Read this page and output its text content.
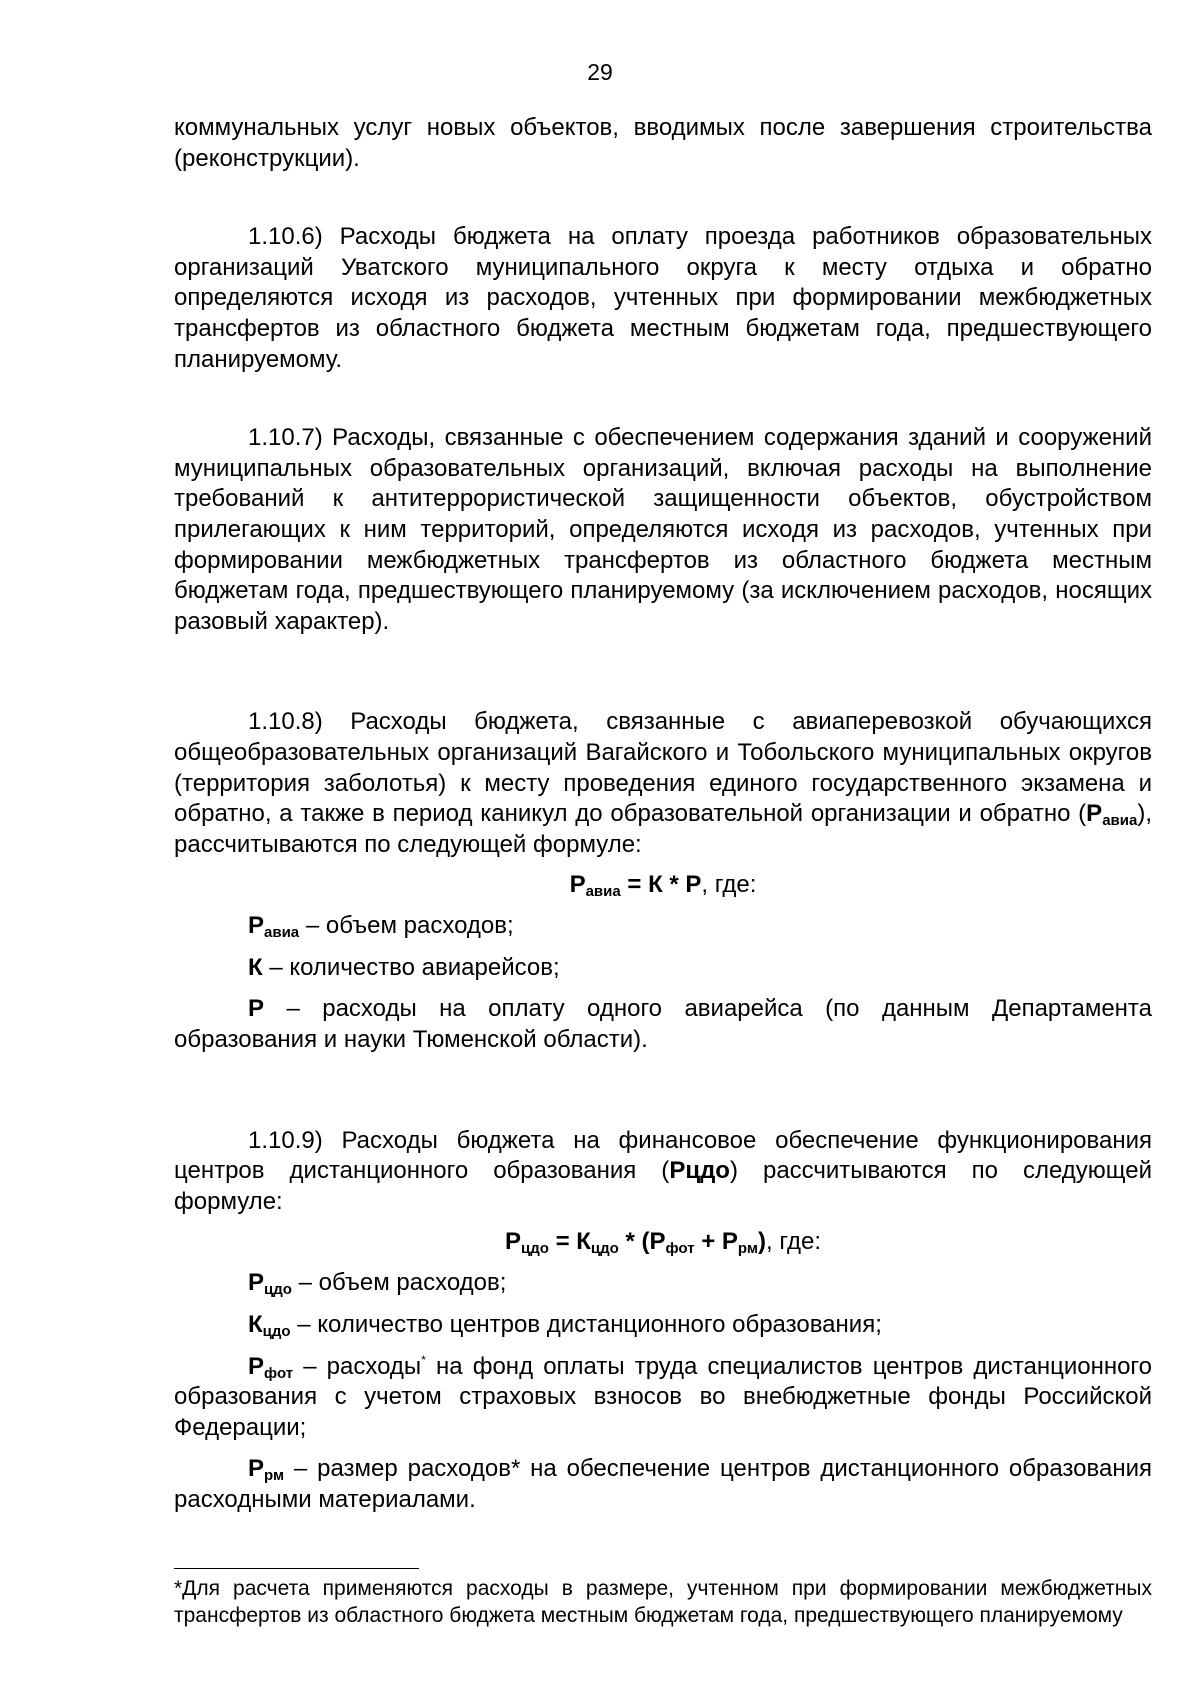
29

коммунальных услуг новых объектов, вводимых после завершения строительства (реконструкции).

1.10.6) Расходы бюджета на оплату проезда работников образовательных организаций Уватского муниципального округа к месту отдыха и обратно определяются исходя из расходов, учтенных при формировании межбюджетных трансфертов из областного бюджета местным бюджетам года, предшествующего планируемому.

1.10.7) Расходы, связанные с обеспечением содержания зданий и сооружений муниципальных образовательных организаций, включая расходы на выполнение требований к антитеррористической защищенности объектов, обустройством прилегающих к ним территорий, определяются исходя из расходов, учтенных при формировании межбюджетных трансфертов из областного бюджета местным бюджетам года, предшествующего планируемому (за исключением расходов, носящих разовый характер).

1.10.8) Расходы бюджета, связанные с авиаперевозкой обучающихся общеобразовательных организаций Вагайского и Тобольского муниципальных округов (территория заболотья) к месту проведения единого государственного экзамена и обратно, а также в период каникул до образовательной организации и обратно $(Р_{авиа})$, рассчитываются по следующей формуле:

$Р_{авиа} = К * Р$, где:

$Р_{авиа}$ – объем расходов;

К – количество авиарейсов;

Р – расходы на оплату одного авиарейса (по данным Департамента образования и науки Тюменской области).

1.10.9) Расходы бюджета на финансовое обеспечение функционирования центров дистанционного образования (Рцдо) рассчитываются по следующей формуле:

$Р_{цдо} = К_{цдо} * (Р_{фот} + Р_{рм})$, где:

$Р_{цдо}$ – объем расходов;

$К_{цдо}$ – количество центров дистанционного образования;

$Р_{фот}$ – расходы* на фонд оплаты труда специалистов центров дистанционного образования с учетом страховых взносов во внебюджетные фонды Российской Федерации;

$Р_{рм}$ – размер расходов* на обеспечение центров дистанционного образования расходными материалами.

*Для расчета применяются расходы в размере, учтенном при формировании межбюджетных трансфертов из областного бюджета местным бюджетам года, предшествующего планируемому
